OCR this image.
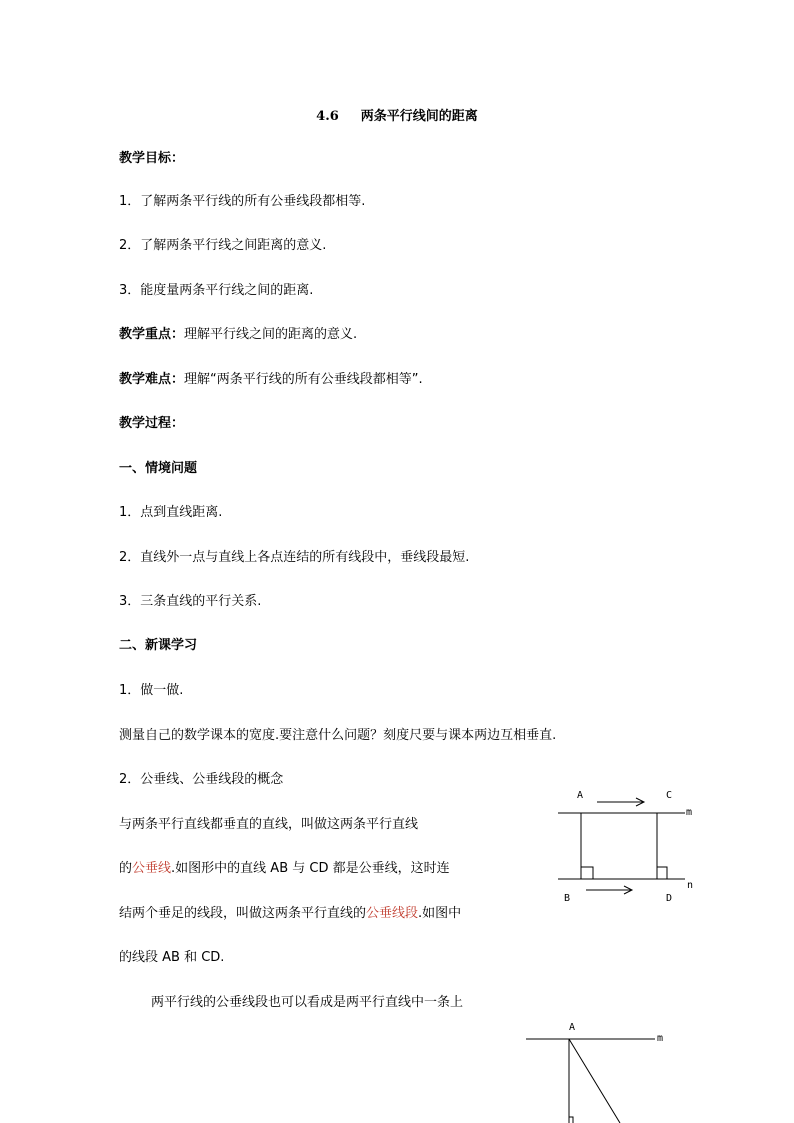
4.6 两条平行线间的距离
教学目标：
1．了解两条平行线的所有公垂线段都相等.
2．了解两条平行线之间距离的意义.
3．能度量两条平行线之间的距离.
教学重点：理解平行线之间的距离的意义.
教学难点：理解“两条平行线的所有公垂线段都相等”.
教学过程：
一、情境问题
1．点到直线距离.
2．直线外一点与直线上各点连结的所有线段中，垂线段最短.
3．三条直线的平行关系.
二、新课学习
1．做一做.
测量自己的数学课本的宽度.要注意什么问题？刻度尺要与课本两边互相垂直.
2．公垂线、公垂线段的概念
与两条平行直线都垂直的直线，叫做这两条平行直线
的公垂线.如图形中的直线 AB 与 CD 都是公垂线，这时连
结两个垂足的线段，叫做这两条平行直线的公垂线段.如图中
的线段 AB 和 CD.
两平行线的公垂线段也可以看成是两平行直线中一条上
A	C
m
n
B	D
A
m
